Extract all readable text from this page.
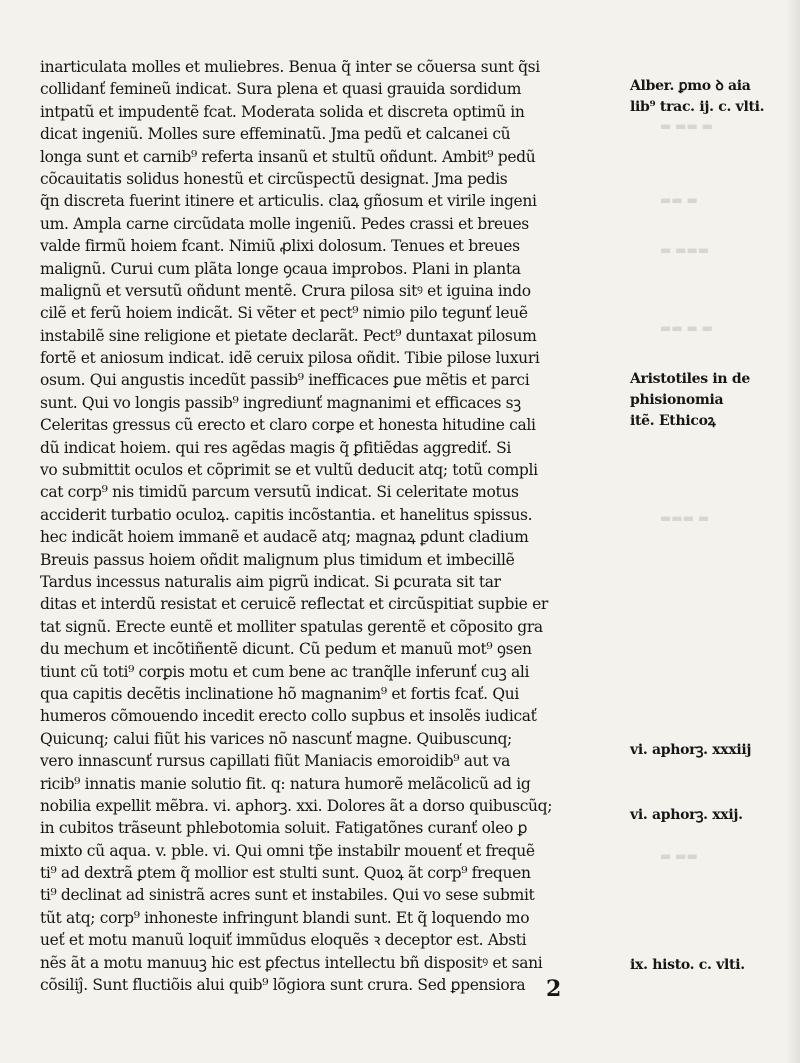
inarticulata molles et muliebres. Benua q̃ inter se cõuersa sunt q̃si
collidanť femineũ indicat. Sura plena et quasi grauida sordidum
intpatũ et impudentẽ fcat. Moderata solida et discreta optimũ in
dicat ingeniũ. Molles sure effeminatũ. Jma pedũ et calcanei cũ
longa sunt et carnib⁹ referta insanũ et stultũ oñdunt. Ambit⁹ pedũ
cõcauitatis solidus honestũ et circũspectũ designat. Jma pedis
q̃n discreta fuerint itinere et articulis. claꝝ gñosum et virile ingeni
um. Ampla carne circũdata molle ingeniũ. Pedes crassi et breues
valde firmũ hoiem fcant. Nimiũ ꝓlixi dolosum. Tenues et breues
malignũ. Curui cum plãta longe ꝯcaua improbos. Plani in planta
malignũ et versutũ oñdunt mentẽ. Crura pilosa sitꝰ et iguina indo
cilẽ et ferũ hoiem indicãt. Si vẽter et pect⁹ nimio pilo tegunť leuẽ
instabilẽ sine religione et pietate declarãt. Pect⁹ duntaxat pilosum
fortẽ et aniosum indicat. idẽ ceruix pilosa oñdit. Tibie pilose luxuri
osum. Qui angustis incedũt passib⁹ inefficaces ꝑue mẽtis et parci
sunt. Qui vo longis passib⁹ ingrediunť magnanimi et efficaces sꝫ
Celeritas gressus cũ erecto et claro corꝑe et honesta hitudine cali
dũ indicat hoiem. qui res agẽdas magis q̃ ꝑfitiẽdas aggrediť. Si
vo submittit oculos et cõprimit se et vultũ deducit atq; totũ compli
cat corp⁹ nis timidũ parcum versutũ indicat. Si celeritate motus
acciderit turbatio oculoꝝ. capitis incõstantia. et hanelitus spissus.
hec indicãt hoiem immanẽ et audacẽ atq; magnaꝝ ꝑdunt cladium
Breuis passus hoiem oñdit malignum plus timidum et imbecillẽ
Tardus incessus naturalis aim pigrũ indicat. Si ꝑcurata sit tar
ditas et interdũ resistat et ceruicẽ reflectat et circũspitiat supbie er
tat signũ. Erecte euntẽ et molliter spatulas gerentẽ et cõposito gra
du mechum et incõtiñentẽ dicunt. Cũ pedum et manuũ mot⁹ ꝯsen
tiunt cũ toti⁹ corꝑis motu et cum bene ac tranq̃lle inferunť cuꝫ ali
qua capitis decẽtis inclinatione hõ magnanim⁹ et fortis fcať. Qui
humeros cõmouendo incedit erecto collo supbus et insolẽs iudicať
Quicunq; calui fiũt his varices nõ nascunť magne. Quibuscunq;
vero innascunť rursus capillati fiũt Maniacis emoroidib⁹ aut va
ricib⁹ innatis manie solutio fit. q: natura humorẽ melãcolicũ ad ig
nobilia expellit mẽbra. vi. aphorꝫ. xxi. Dolores ãt a dorso quibuscũq;
in cubitos trãseunt phlebotomia soluit. Fatigatõnes curanť oleo ꝑ
mixto cũ aqua. v. pble. vi. Qui omni tp̃e instabilr mouenť et frequẽ
ti⁹ ad dextrã ꝑtem q̃ mollior est stulti sunt. Quoꝝ ãt corp⁹ frequen
ti⁹ declinat ad sinistrã acres sunt et instabiles. Qui vo sese submit
tũt atq; corp⁹ inhoneste infringunt blandi sunt. Et q̃ loquendo mo
ueť et motu manuũ loquiť immũdus eloquẽs ꝛ deceptor est. Absti
nẽs ãt a motu manuuꝫ hic est ꝑfectus intellectu bñ dispositꝰ et sani
cõsiliĵ. Sunt fluctiõis alui quib⁹ lõgiora sunt crura. Sed ꝑpensiora 2
Alber. ꝑmo ꝺ aia
lib⁹ trac. ij. c. vlti.
Aristotiles in de
phisionomia
itẽ. Ethicoꝝ
vi. aphorꝫ. xxxiij
vi. aphorꝫ. xxij.
ix. histo. c. vlti.
▬ ▬▬ ▬
▬▬ ▬
▬ ▬▬▬
▬▬ ▬ ▬
▬▬▬ ▬
▬ ▬▬
